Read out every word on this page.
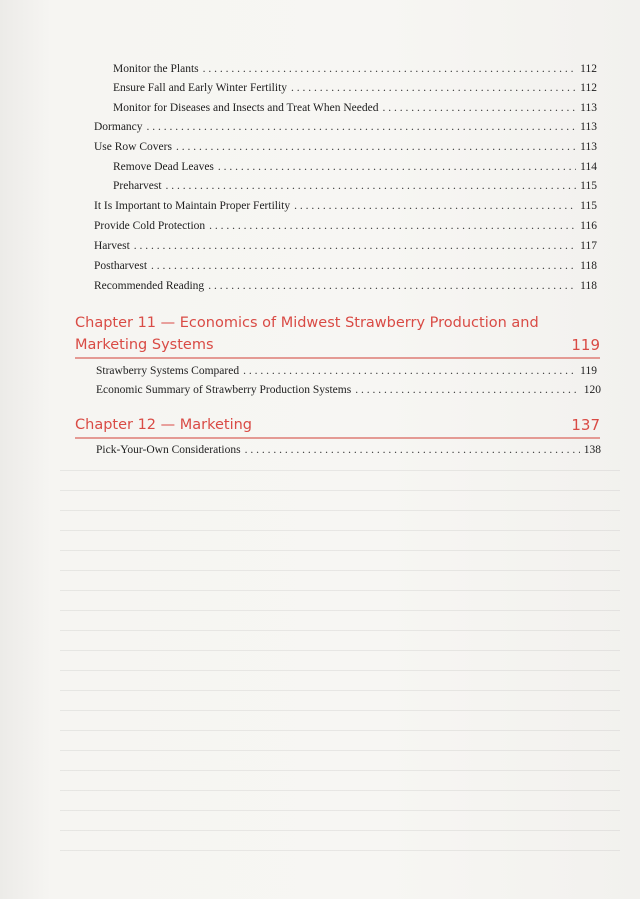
Monitor the Plants . . .	112
Ensure Fall and Early Winter Fertility . . .	112
Monitor for Diseases and Insects and Treat When Needed . . .	113
Dormancy . . .	113
Use Row Covers . . .	113
Remove Dead Leaves . . .	114
Preharvest . . .	115
It Is Important to Maintain Proper Fertility . . .	115
Provide Cold Protection . . .	116
Harvest . . .	117
Postharvest . . .	118
Recommended Reading . . .	118
Chapter 11 — Economics of Midwest Strawberry Production and Marketing Systems	119
Strawberry Systems Compared . . .	119
Economic Summary of Strawberry Production Systems . . .	120
Chapter 12 — Marketing	137
Pick-Your-Own Considerations . . .	138
